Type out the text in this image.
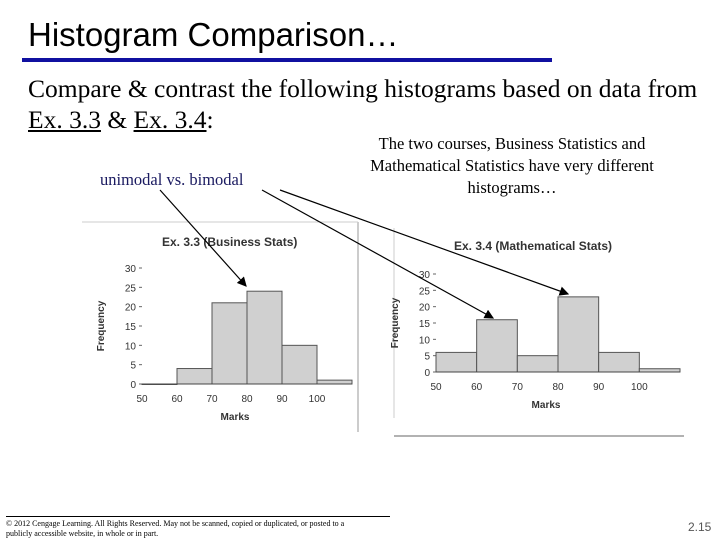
Histogram Comparison…
Compare & contrast the following histograms based on data from Ex. 3.3 & Ex. 3.4:
The two courses, Business Statistics and Mathematical Statistics have very different histograms…
unimodal vs. bimodal
Ex. 3.3 (Business Stats)
0
5
10
15
20
25
30
50 60 70 80 90 100
Marks
Frequency
Ex. 3.4 (Mathematical Stats)
0
5
10
15
20
25
30
50	60	70	80	90	100
Marks
Frequency
© 2012 Cengage Learning. All Rights Reserved. May not be scanned, copied or duplicated, or posted to a publicly accessible website, in whole or in part.	2.15
